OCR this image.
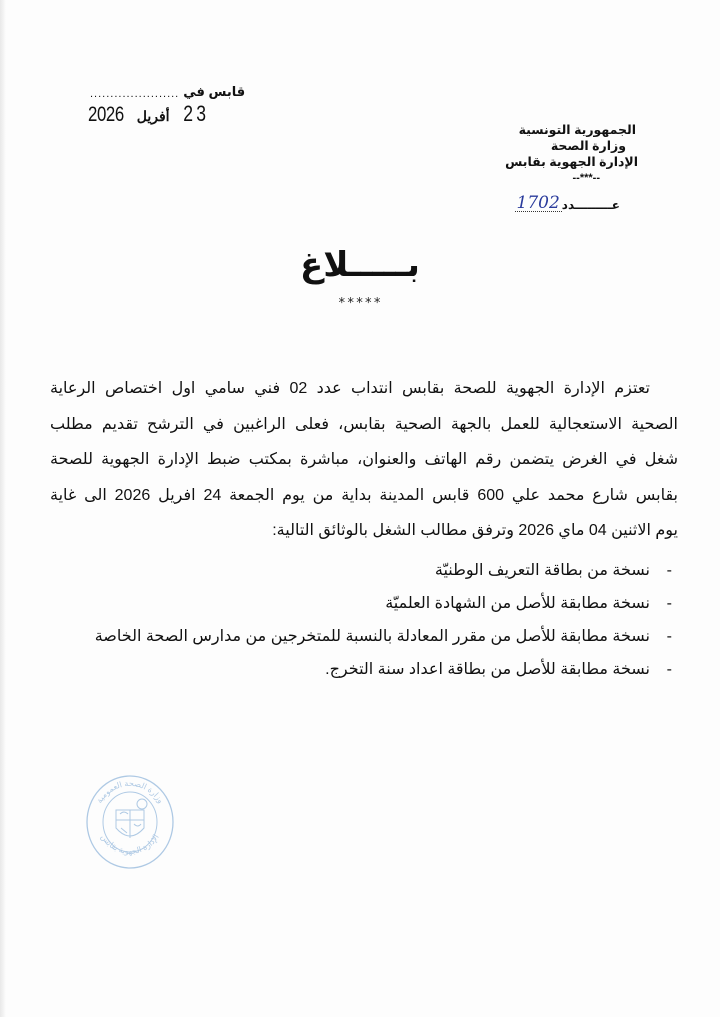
قابس في
......................
2026 أفريل 23
الجمهورية التونسية
وزارة الصحة
الإدارة الجهوية بقابس
--***--
عـــــــــدد
1702
بـــــلاغ
*****
تعتزم الإدارة الجهوية للصحة بقابس انتداب عدد 02 فني سامي اول اختصاص الرعاية
الصحية الاستعجالية للعمل بالجهة الصحية بقابس، فعلى الراغبين في الترشح تقديم مطلب
شغل في الغرض يتضمن رقم الهاتف والعنوان، مباشرة بمكتب ضبط الإدارة الجهوية للصحة
بقابس شارع محمد علي 600 قابس المدينة بداية من يوم الجمعة 24 افريل 2026 الى غاية
يوم الاثنين 04 ماي 2026 وترفق مطالب الشغل بالوثائق التالية:
-
نسخة من بطاقة التعريف الوطنيّة
-
نسخة مطابقة للأصل من الشهادة العلميّة
-
نسخة مطابقة للأصل من مقرر المعادلة بالنسبة للمتخرجين من مدارس الصحة الخاصة
-
نسخة مطابقة للأصل من بطاقة اعداد سنة التخرج.
وزارة الصحة العمومية
الإدارة الجهوية بقابس
